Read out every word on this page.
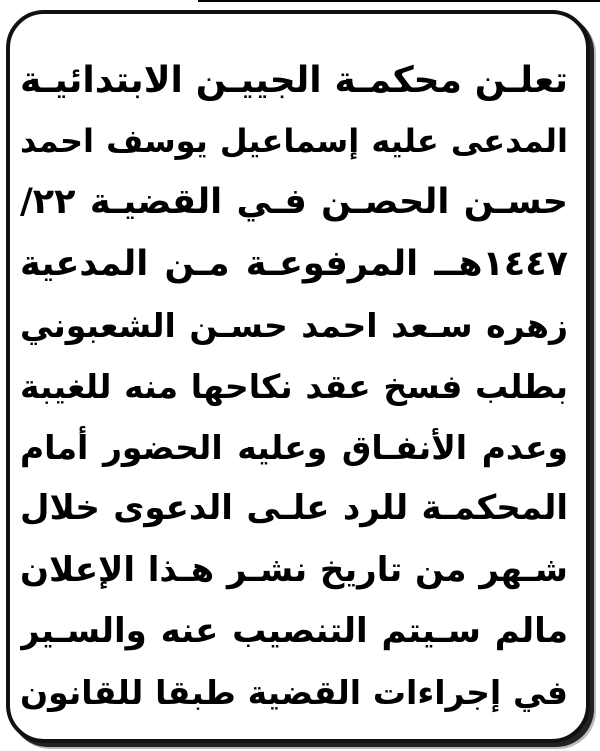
تعلـن محكمـة الجييـن الابتدائيـة
المدعى عليه إسماعيل يوسف احمد
حسـن الحصـن فـي القضيـة ٢٢/
١٤٤٧هــ المرفوعـة مـن المدعية
زهره سـعد احمد حسـن الشعبوني
بطلب فسخ عقد نكاحها منه للغيبة
وعدم الأنفـاق وعليه الحضور أمام
المحكمـة للرد علـى الدعوى خلال
شـهر من تاريخ نشـر هـذا الإعلان
مالم سـيتم التنصيب عنه والسـير
في إجراءات القضية طبقا للقانون
